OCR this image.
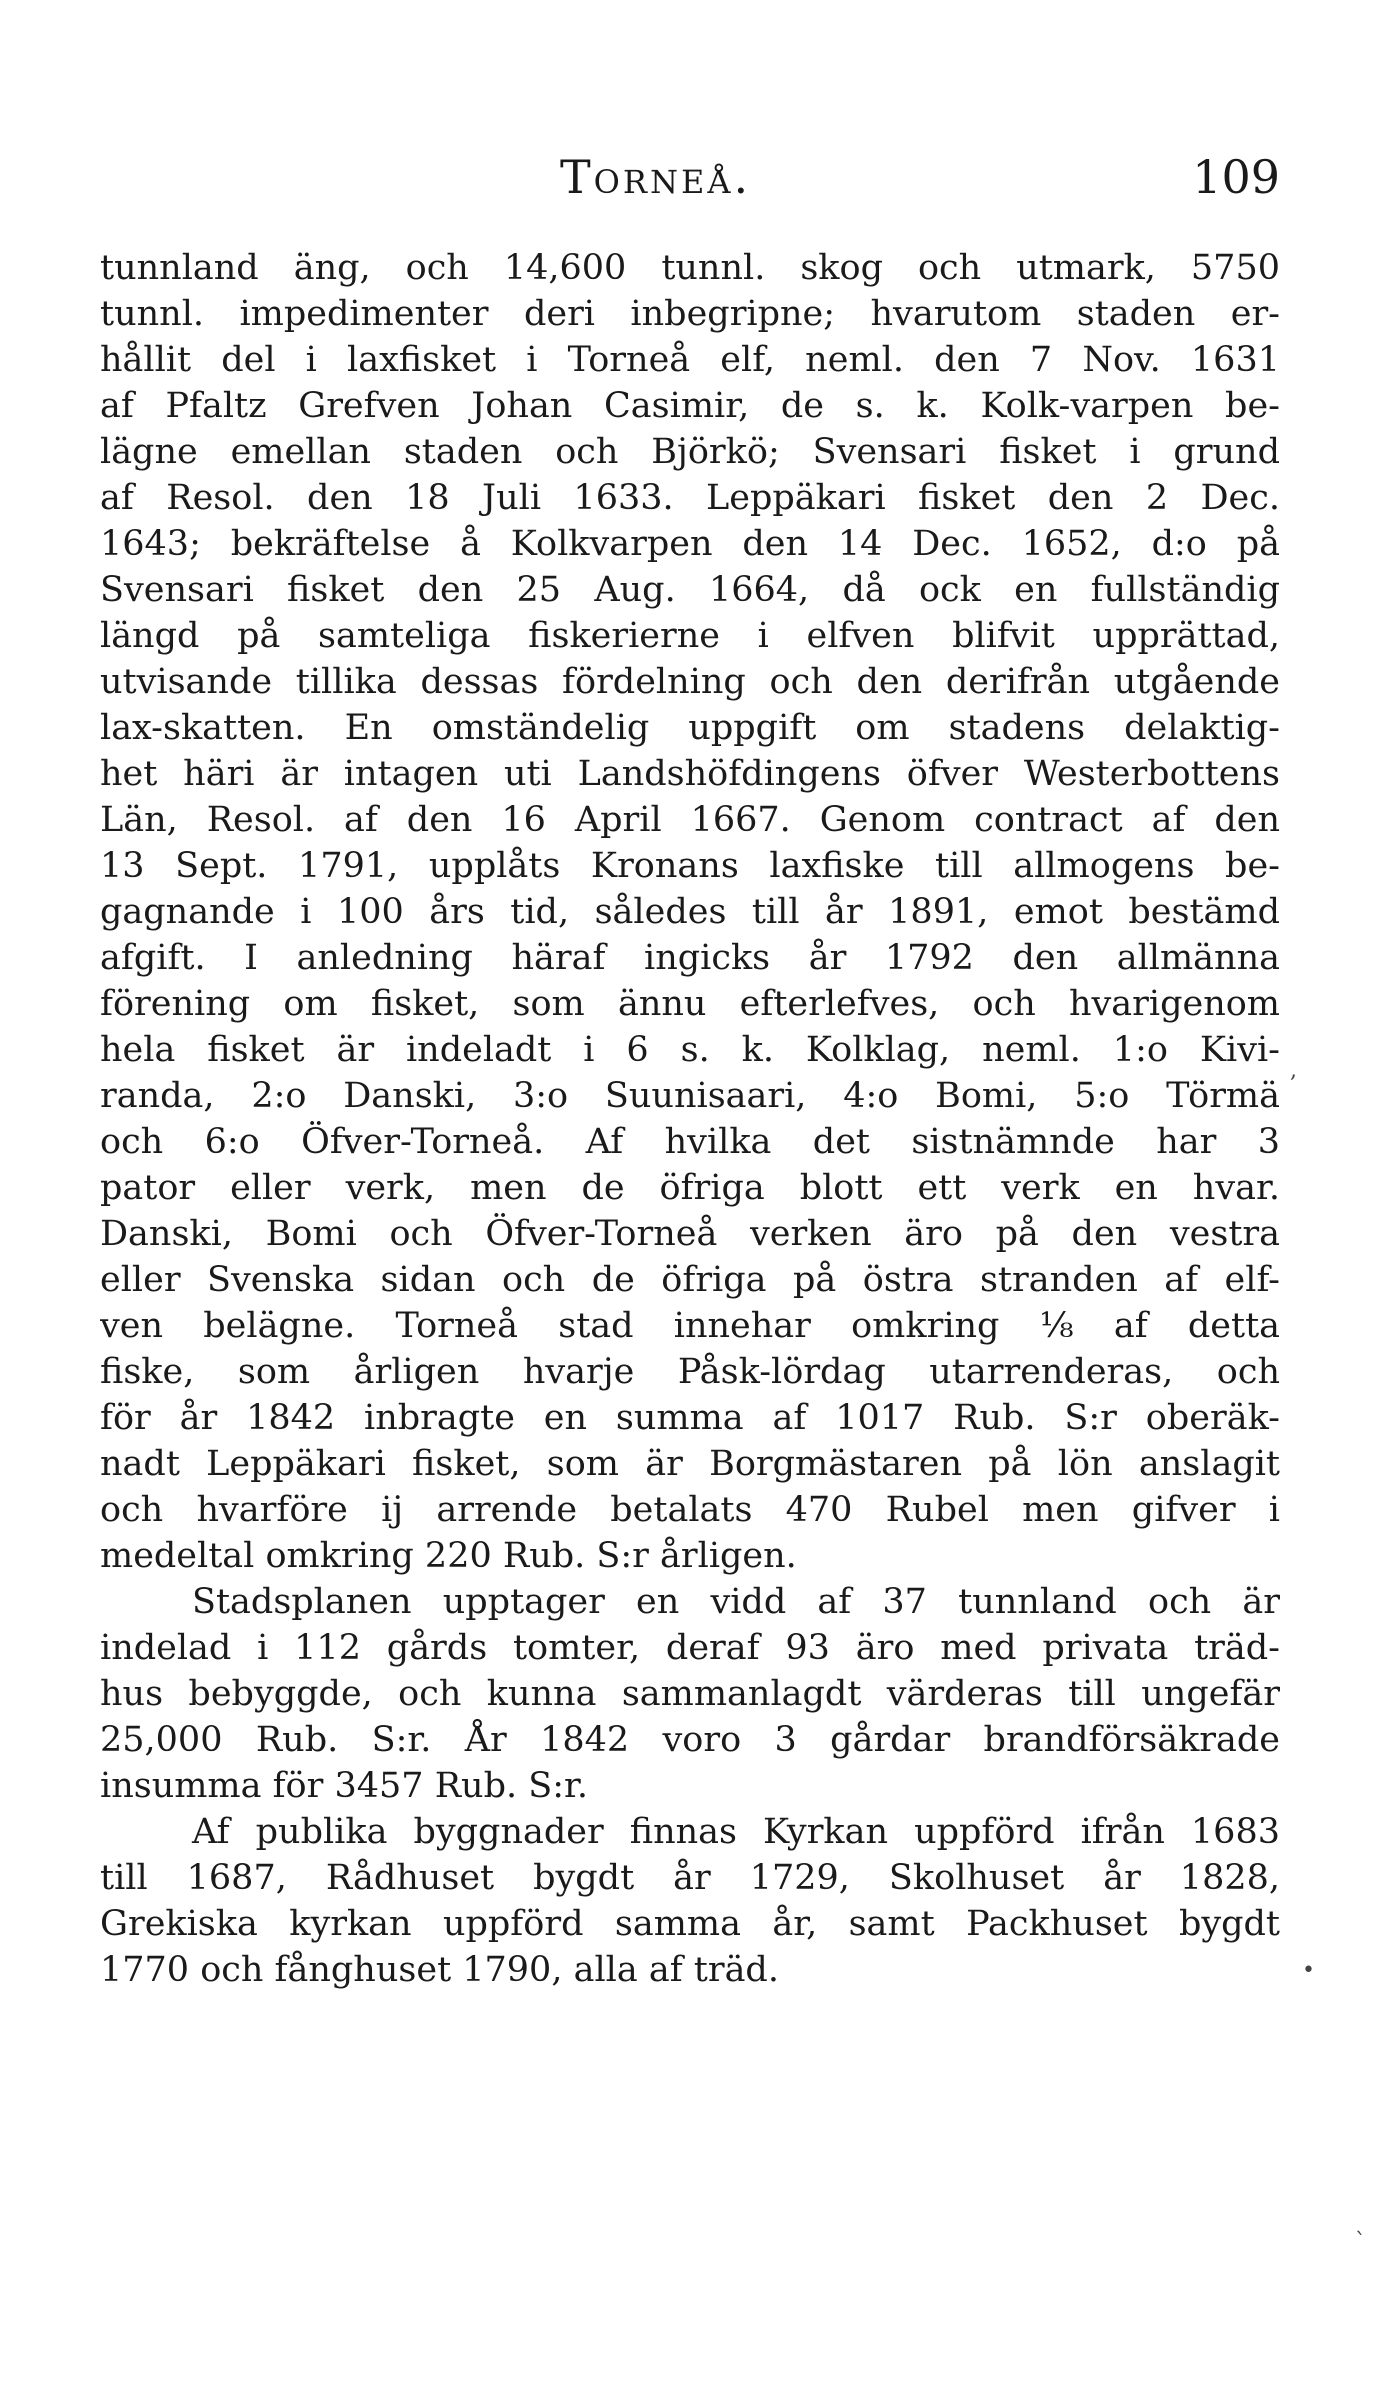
Torneå.	109
tunnland äng, och 14,600 tunnl. skog och utmark, 5750
tunnl. impedimenter deri inbegripne; hvarutom staden er-
hållit del i laxfisket i Torneå elf, neml. den 7 Nov. 1631
af Pfaltz Grefven Johan Casimir, de s. k. Kolk-varpen be-
lägne emellan staden och Björkö; Svensari fisket i grund
af Resol. den 18 Juli 1633. Leppäkari fisket den 2 Dec.
1643; bekräftelse å Kolkvarpen den 14 Dec. 1652, d:o på
Svensari fisket den 25 Aug. 1664, då ock en fullständig
längd på samteliga fiskerierne i elfven blifvit upprättad,
utvisande tillika dessas fördelning och den derifrån utgående
lax-skatten. En omständelig uppgift om stadens delaktig-
het häri är intagen uti Landshöfdingens öfver Westerbottens
Län, Resol. af den 16 April 1667. Genom contract af den
13 Sept. 1791, upplåts Kronans laxfiske till allmogens be-
gagnande i 100 års tid, således till år 1891, emot bestämd
afgift. I anledning häraf ingicks år 1792 den allmänna
förening om fisket, som ännu efterlefves, och hvarigenom
hela fisket är indeladt i 6 s. k. Kolklag, neml. 1:o Kivi-
randa, 2:o Danski, 3:o Suunisaari, 4:o Bomi, 5:o Törmä
och 6:o Öfver-Torneå. Af hvilka det sistnämnde har 3
pator eller verk, men de öfriga blott ett verk en hvar.
Danski, Bomi och Öfver-Torneå verken äro på den vestra
eller Svenska sidan och de öfriga på östra stranden af elf-
ven belägne. Torneå stad innehar omkring ⅛ af detta
fiske, som årligen hvarje Påsk-lördag utarrenderas, och
för år 1842 inbragte en summa af 1017 Rub. S:r oberäk-
nadt Leppäkari fisket, som är Borgmästaren på lön anslagit
och hvarföre ij arrende betalats 470 Rubel men gifver i
medeltal omkring 220 Rub. S:r årligen.
Stadsplanen upptager en vidd af 37 tunnland och är
indelad i 112 gårds tomter, deraf 93 äro med privata träd-
hus bebyggde, och kunna sammanlagdt värderas till ungefär
25,000 Rub. S:r. År 1842 voro 3 gårdar brandförsäkrade
insumma för 3457 Rub. S:r.
Af publika byggnader finnas Kyrkan uppförd ifrån 1683
till 1687, Rådhuset bygdt år 1729, Skolhuset år 1828,
Grekiska kyrkan uppförd samma år, samt Packhuset bygdt
1770 och fånghuset 1790, alla af träd.
,
•
`
